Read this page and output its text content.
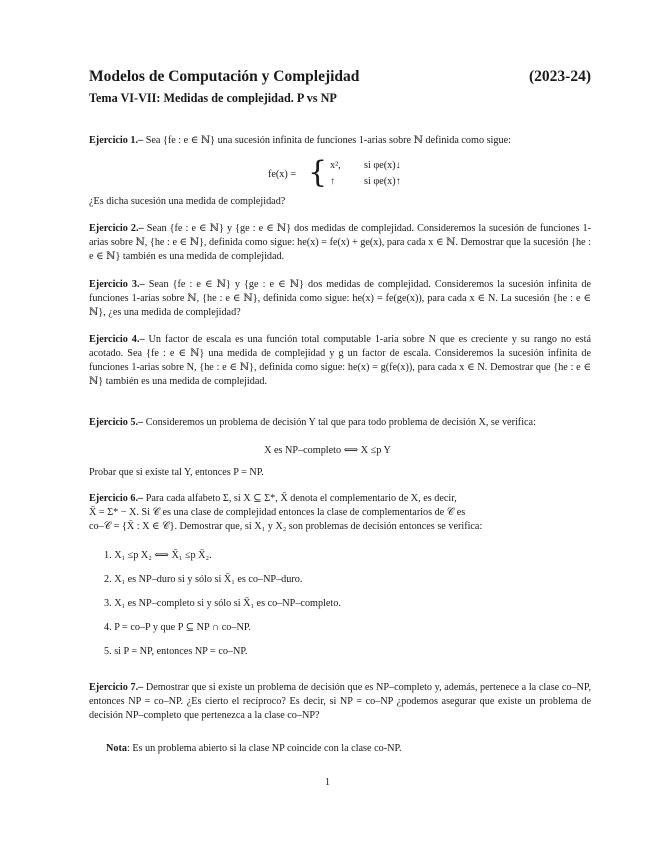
Modelos de Computación y Complejidad	(2023-24)
Tema VI-VII: Medidas de complejidad. P vs NP
Ejercicio 1.– Sea {fe : e ∈ ℕ} una sucesión infinita de funciones 1-arias sobre ℕ definida como sigue:
fe(x) = { x², si φe(x)↓
↑	si φe(x)↑
¿Es dicha sucesión una medida de complejidad?
Ejercicio 2.– Sean {fe : e ∈ ℕ} y {ge : e ∈ ℕ} dos medidas de complejidad. Consideremos la sucesión de funciones 1-arias sobre ℕ, {he : e ∈ ℕ}, definida como sigue: he(x) = fe(x) + ge(x), para cada x ∈ ℕ. Demostrar que la sucesión {he : e ∈ ℕ} también es una medida de complejidad.
Ejercicio 3.– Sean {fe : e ∈ ℕ} y {ge : e ∈ ℕ} dos medidas de complejidad. Consideremos la sucesión infinita de funciones 1-arias sobre ℕ, {he : e ∈ ℕ}, definida como sigue: he(x) = fe(ge(x)), para cada x ∈ N. La sucesión {he : e ∈ ℕ}, ¿es una medida de complejidad?
Ejercicio 4.– Un factor de escala es una función total computable 1-aria sobre N que es creciente y su rango no está acotado. Sea {fe : e ∈ ℕ} una medida de complejidad y g un factor de escala. Consideremos la sucesión infinita de funciones 1-arias sobre N, {he : e ∈ ℕ}, definida como sigue: he(x) = g(fe(x)), para cada x ∈ N. Demostrar que {he : e ∈ ℕ} también es una medida de complejidad.
Ejercicio 5.– Consideremos un problema de decisión Y tal que para todo problema de decisión X, se verifica:
X es NP–completo ⟺ X ≤p Y
Probar que si existe tal Y, entonces P = NP.
Ejercicio 6.– Para cada alfabeto Σ, si X ⊆ Σ*, X̄ denota el complementario de X, es decir,
X̄ = Σ* − X. Si 𝒞 es una clase de complejidad entonces la clase de complementarios de 𝒞 es
co–𝒞 = {X̄ : X ∈ 𝒞}. Demostrar que, si X₁ y X₂ son problemas de decisión entonces se verifica:
1. X₁ ≤p X₂ ⟺ X̄₁ ≤p X̄₂.
2. X₁ es NP–duro si y sólo si X̄₁ es co–NP–duro.
3. X₁ es NP–completo si y sólo si X̄₁ es co–NP–completo.
4. P = co–P y que P ⊆ NP ∩ co–NP.
5. si P = NP, entonces NP = co–NP.
Ejercicio 7.– Demostrar que si existe un problema de decisión que es NP–completo y, además, pertenece a la clase co–NP, entonces NP = co–NP. ¿Es cierto el recíproco? Es decir, si NP = co–NP ¿podemos asegurar que existe un problema de decisión NP–completo que pertenezca a la clase co–NP?
Nota: Es un problema abierto si la clase NP coincide con la clase co-NP.
1
